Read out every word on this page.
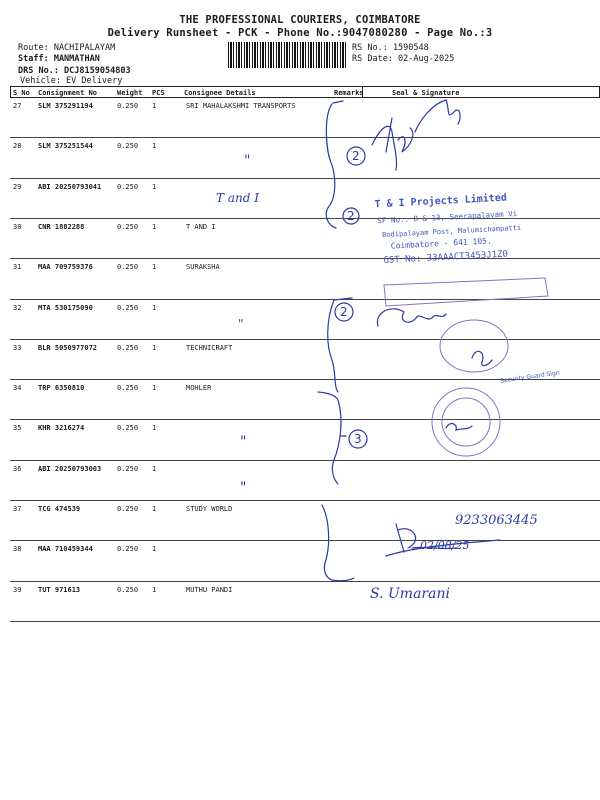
THE PROFESSIONAL COURIERS, COIMBATORE
Delivery Runsheet - PCK - Phone No.:9047080280 - Page No.:3
Route: NACHIPALAYAM
Staff: MANMATHAN
DRS No.: DCJ8159054803
Vehicle: EV Delivery
RS No.: 1590548
RS Date: 02-Aug-2025
S No Consignment No	Weight PCS	Consignee Details	Remarks	Seal & Signature
27 SLM 375291194	0.250 1	SRI MAHALAKSHMI TRANSPORTS
28 SLM 375251544	0.250 1
29 ABI 20250793041 0.250 1
30 CNR 1882288	0.250 1	T AND I
31 MAA 709759376	0.250 1	SURAKSHA
32 MTA 530175090	0.250 1
33 BLR 5050977072	0.250 1	TECHNICRAFT
34 TRP 6350810	0.250 1	MOHLER
35 KHR 3216274	0.250 1
36 ABI 20250793003 0.250 1
37 TCG 474539	0.250 1	STUDY WORLD
38 MAA 710459344	0.250 1
39 TUT 971613	0.250 1	MUTHU PANDI
2
2
2
3
"
T and I
"
"
"
9233063445
02/08/25
S. Umarani
T & I Projects Limited
SF No.: 8 & 13, Seerapalayam Vi
Bodipalayam Post, Malumichampatti
Coimbatore - 641 105.
GST No: 33AAACT3453J1Z0
Security Guard Sign
